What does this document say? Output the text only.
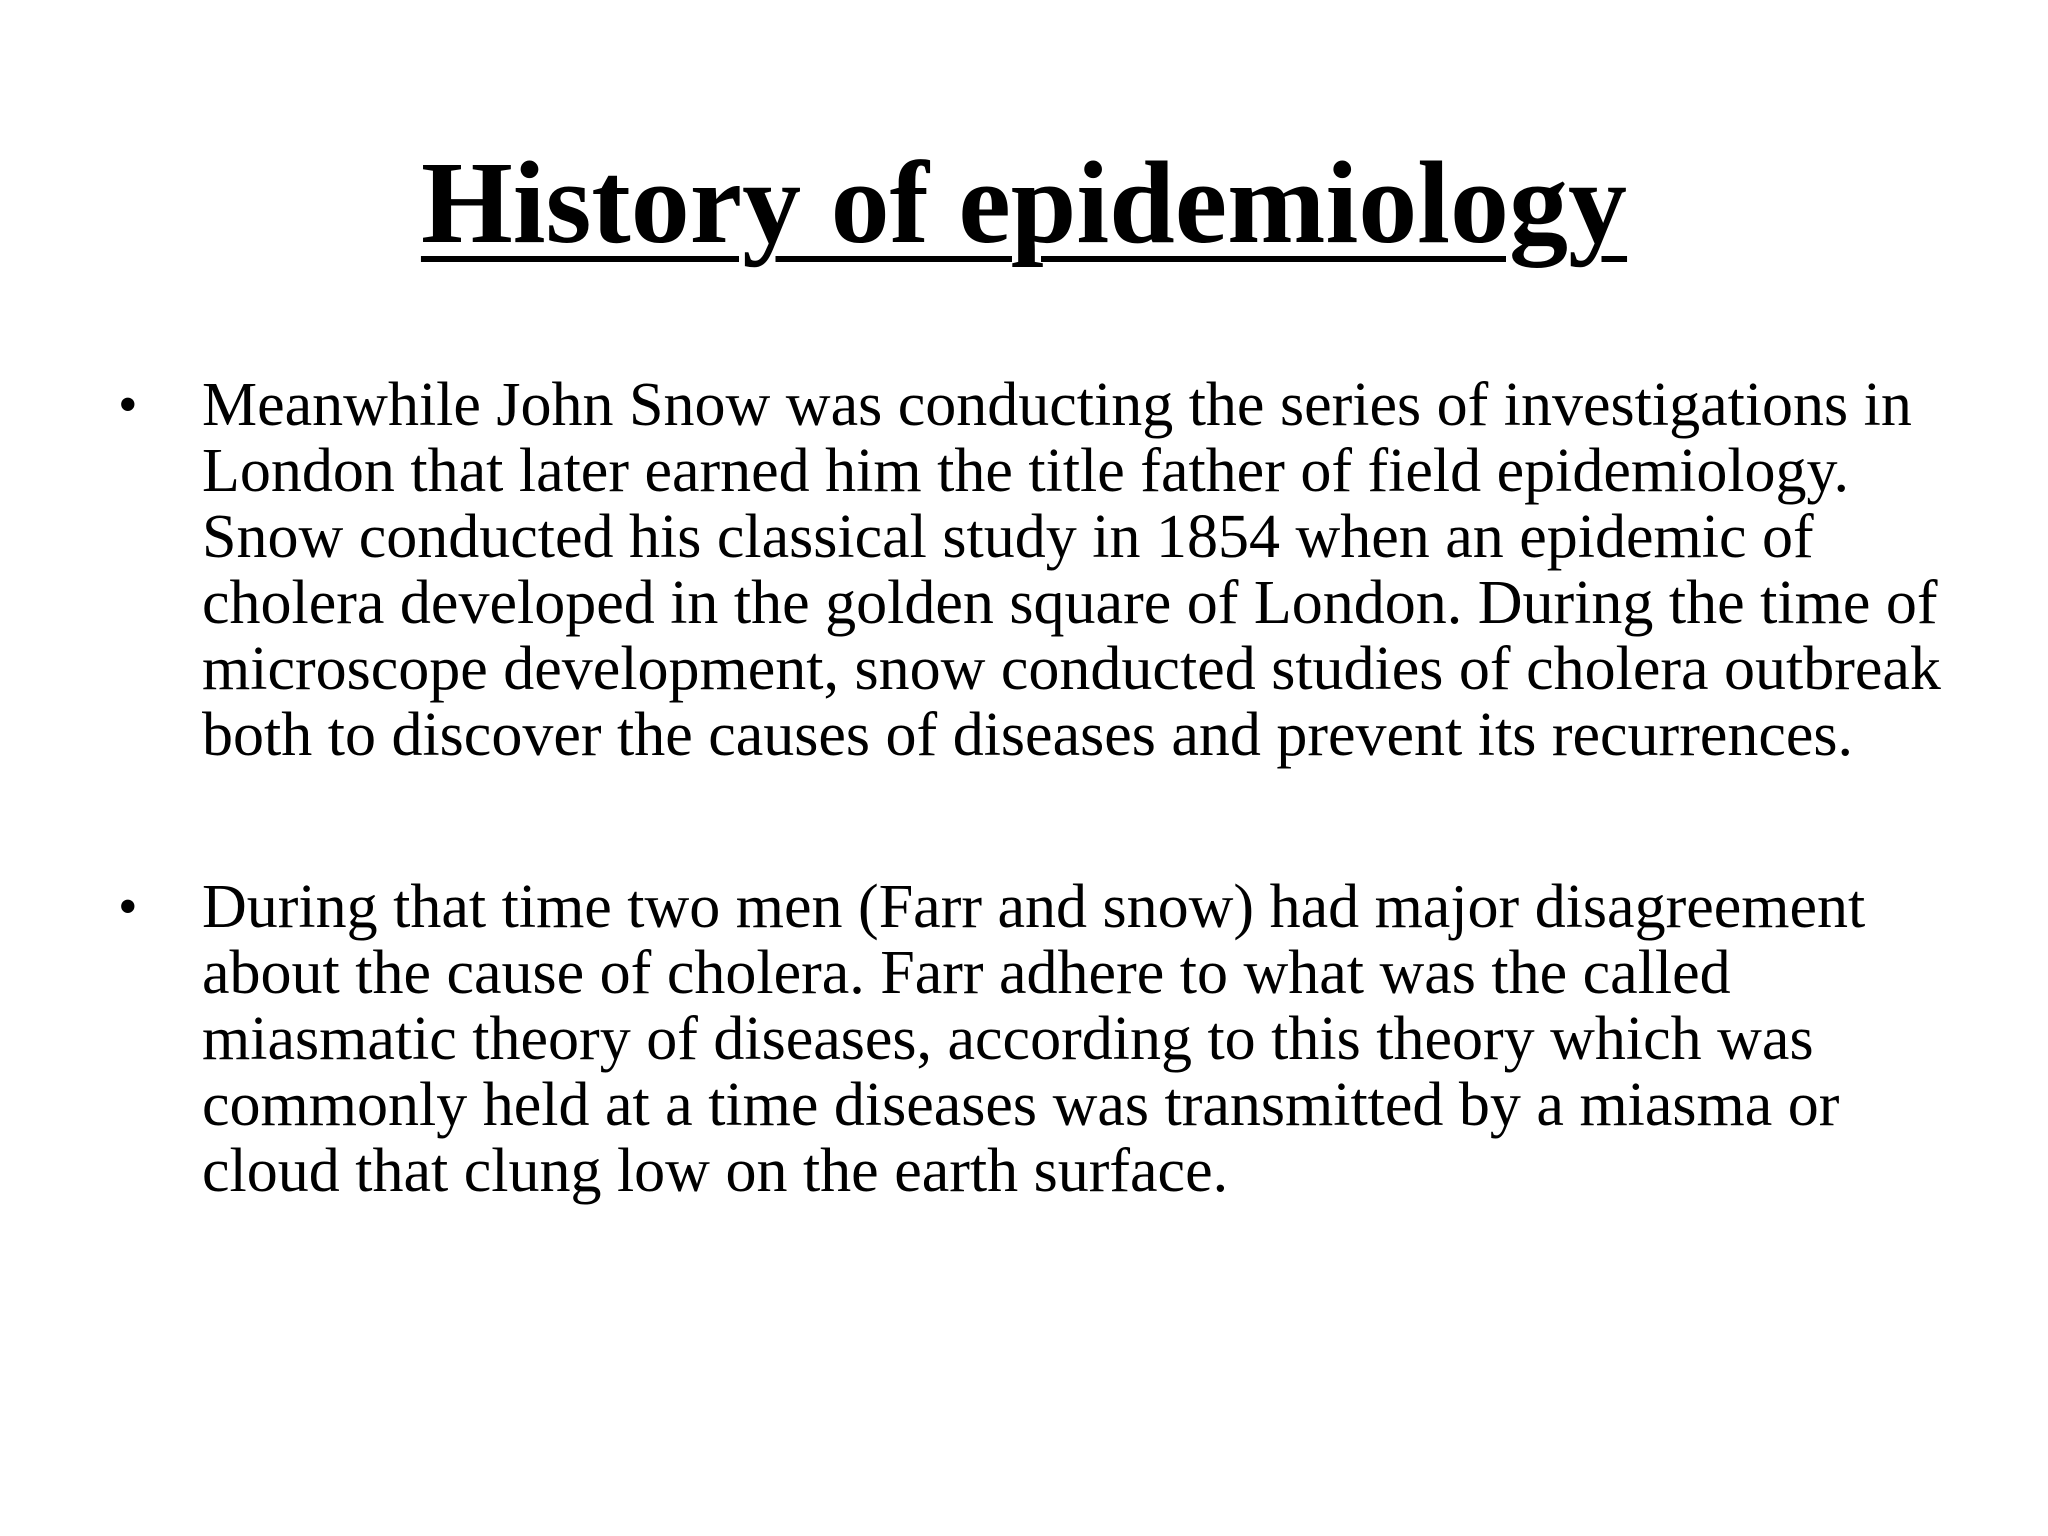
History of epidemiology
• Meanwhile John Snow was conducting the series of investigations in London that later earned him the title father of field epidemiology. Snow conducted his classical study in 1854 when an epidemic of cholera developed in the golden square of London. During the time of microscope development, snow conducted studies of cholera outbreak both to discover the causes of diseases and prevent its recurrences.
• During that time two men (Farr and snow) had major disagreement about the cause of cholera. Farr adhere to what was the called miasmatic theory of diseases, according to this theory which was commonly held at a time diseases was transmitted by a miasma or cloud that clung low on the earth surface.
